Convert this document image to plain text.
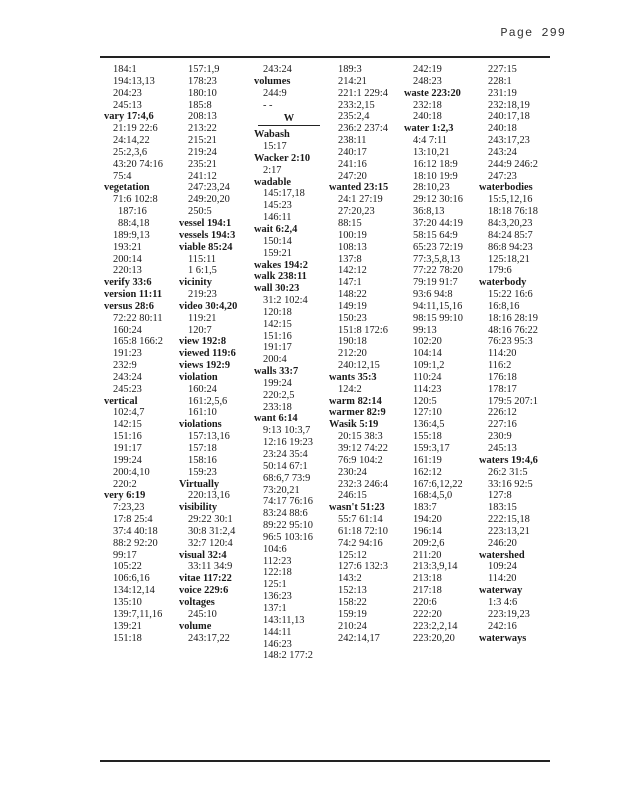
Page 299
184:1
194:13,13
204:23
245:13
vary 17:4,6
21:19 22:6
24:14,22
25:2,3,6
43:20 74:16
75:4
vegetation
71:6 102:8
187:16
88:4,18
189:9,13
193:21
200:14
220:13
verify 33:6
version 11:11
versus 28:6
72:22 80:11
160:24
165:8 166:2
191:23
232:9
243:24
245:23
vertical
102:4,7
142:15
151:16
191:17
199:24
200:4,10
220:2
very 6:19
7:23,23
17:8 25:4
37:4 40:18
88:2 92:20
99:17
105:22
106:6,16
134:12,14
135:10
139:7,11,16
139:21
151:18
157:1,9
178:23
180:10
185:8
208:13
213:22
215:21
219:24
235:21
241:12
247:23,24
249:20,20
250:5
vessel 194:1
vessels 194:3
viable 85:24
115:11
1 6:1,5
vicinity
219:23
video 30:4,20
119:21
120:7
view 192:8
viewed 119:6
views 192:9
violation
160:24
161:2,5,6
161:10
violations
157:13,16
157:18
158:16
159:23
Virtually
220:13,16
visibility
29:22 30:1
30:8 31:2,4
32:7 120:4
visual 32:4
33:11 34:9
vitae 117:22
voice 229:6
voltages
245:10
volume
243:17,22
243:24
volumes
244:9
- -
W
Wabash
15:17
Wacker 2:10
2:17
wadable
145:17,18
145:23
146:11
wait 6:2,4
150:14
159:21
wakes 194:2
walk 238:11
wall 30:23
31:2 102:4
120:18
142:15
151:16
191:17
200:4
walls 33:7
199:24
220:2,5
233:18
want 6:14
9:13 10:3,7
12:16 19:23
23:24 35:4
50:14 67:1
68:6,7 73:9
73:20,21
74:17 76:16
83:24 88:6
89:22 95:10
96:5 103:16
104:6
112:23
122:18
125:1
136:23
137:1
143:11,13
144:11
146:23
148:2 177:2
189:3
214:21
221:1 229:4
233:2,15
235:2,4
236:2 237:4
238:11
240:17
241:16
247:20
wanted 23:15
24:1 27:19
27:20,23
88:15
100:19
108:13
137:8
142:12
147:1
148:22
149:19
150:23
151:8 172:6
190:18
212:20
240:12,15
wants 35:3
124:2
warm 82:14
warmer 82:9
Wasik 5:19
20:15 38:3
39:12 74:22
76:9 104:2
230:24
232:3 246:4
246:15
wasn't 51:23
55:7 61:14
61:18 72:10
74:2 94:16
125:12
127:6 132:3
143:2
152:13
158:22
159:19
210:24
242:14,17
242:19
248:23
waste 223:20
232:18
240:18
water 1:2,3
4:4 7:11
13:10,21
16:12 18:9
18:10 19:9
28:10,23
29:12 30:16
36:8,13
37:20 44:19
58:15 64:9
65:23 72:19
77:3,5,8,13
77:22 78:20
79:19 91:7
93:6 94:8
94:11,15,16
98:15 99:10
99:13
102:20
104:14
109:1,2
110:24
114:23
120:5
127:10
136:4,5
155:18
159:3,17
161:19
162:12
167:6,12,22
168:4,5,0
183:7
194:20
196:14
209:2,6
211:20
213:3,9,14
213:18
217:18
220:6
222:20
223:2,2,14
223:20,20
227:15
228:1
231:19
232:18,19
240:17,18
240:18
243:17,23
243:24
244:9 246:2
247:23
waterbodies
15:5,12,16
18:18 76:18
84:3,20,23
84:24 85:7
86:8 94:23
125:18,21
179:6
waterbody
15:22 16:6
16:8,16
18:16 28:19
48:16 76:22
76:23 95:3
114:20
116:2
176:18
178:17
179:5 207:1
226:12
227:16
230:9
245:13
waters 19:4,6
26:2 31:5
33:16 92:5
127:8
183:15
222:15,18
223:13,21
246:20
watershed
109:24
114:20
waterway
1:3 4:6
223:19,23
242:16
waterways
